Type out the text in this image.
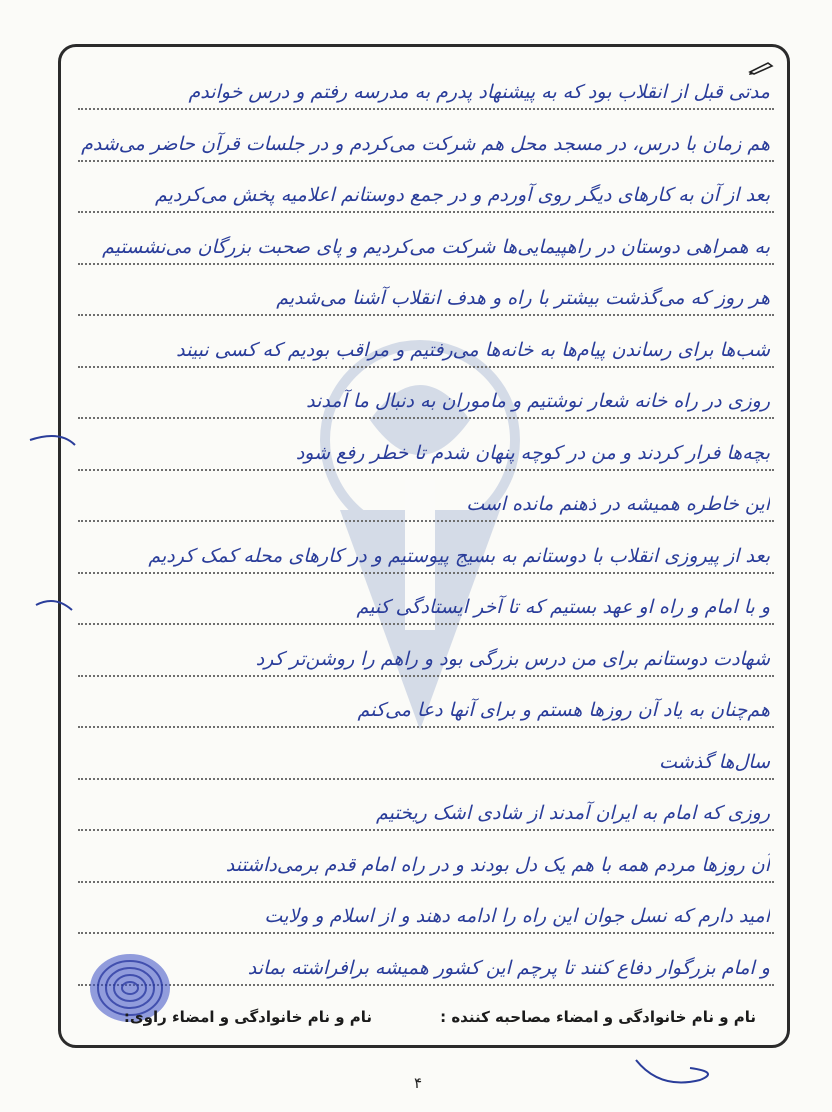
مدتی قبل از انقلاب بود که به پیشنهاد پدرم به مدرسه رفتم و درس خواندم
هم زمان با درس، در مسجد محل هم شرکت می‌کردم و در جلسات قرآن حاضر می‌شدم
بعد از آن به کارهای دیگر روی آوردم و در جمع دوستانم اعلامیه پخش می‌کردیم
به همراهی دوستان در راهپیمایی‌ها شرکت می‌کردیم و پای صحبت بزرگان می‌نشستیم
هر روز که می‌گذشت بیشتر با راه و هدف انقلاب آشنا می‌شدیم
شب‌ها برای رساندن پیام‌ها به خانه‌ها می‌رفتیم و مراقب بودیم که کسی نبیند
روزی در راه خانه شعار نوشتیم و ماموران به دنبال ما آمدند
بچه‌ها فرار کردند و من در کوچه پنهان شدم تا خطر رفع شود
این خاطره همیشه در ذهنم مانده است
بعد از پیروزی انقلاب با دوستانم به بسیج پیوستیم و در کارهای محله کمک کردیم
و با امام و راه او عهد بستیم که تا آخر ایستادگی کنیم
شهادت دوستانم برای من درس بزرگی بود و راهم را روشن‌تر کرد
هم‌چنان به یاد آن روزها هستم و برای آنها دعا می‌کنم
سال‌ها گذشت
روزی که امام به ایران آمدند از شادی اشک ریختیم
آن روزها مردم همه با هم یک دل بودند و در راه امام قدم برمی‌داشتند
امید دارم که نسل جوان این راه را ادامه دهند و از اسلام و ولایت
و امام بزرگوار دفاع کنند تا پرچم این کشور همیشه برافراشته بماند
نام و نام خانوادگی و امضاء مصاحبه کننده :
نام و نام خانوادگی و امضاء راوی:
۴
